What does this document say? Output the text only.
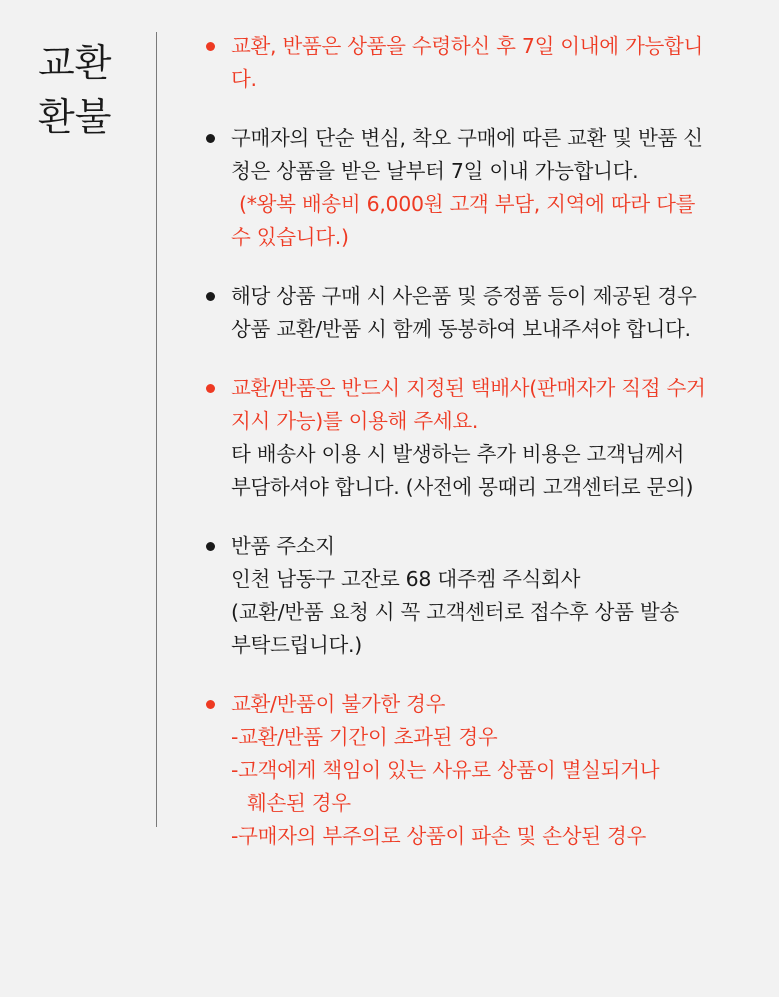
교환
환불
교환, 반품은 상품을 수령하신 후 7일 이내에 가능합니
다.
구매자의 단순 변심, 착오 구매에 따른 교환 및 반품 신
청은 상품을 받은 날부터 7일 이내 가능합니다.
(*왕복 배송비 6,000원 고객 부담, 지역에 따라 다를
수 있습니다.)
해당 상품 구매 시 사은품 및 증정품 등이 제공된 경우
상품 교환/반품 시 함께 동봉하여 보내주셔야 합니다.
교환/반품은 반드시 지정된 택배사(판매자가 직접 수거
지시 가능)를 이용해 주세요.
타 배송사 이용 시 발생하는 추가 비용은 고객님께서
부담하셔야 합니다. (사전에 몽때리 고객센터로 문의)
반품 주소지
인천 남동구 고잔로 68 대주켐 주식회사
(교환/반품 요청 시 꼭 고객센터로 접수후 상품 발송
부탁드립니다.)
교환/반품이 불가한 경우
-교환/반품 기간이 초과된 경우
-고객에게 책임이 있는 사유로 상품이 멸실되거나
훼손된 경우
-구매자의 부주의로 상품이 파손 및 손상된 경우
